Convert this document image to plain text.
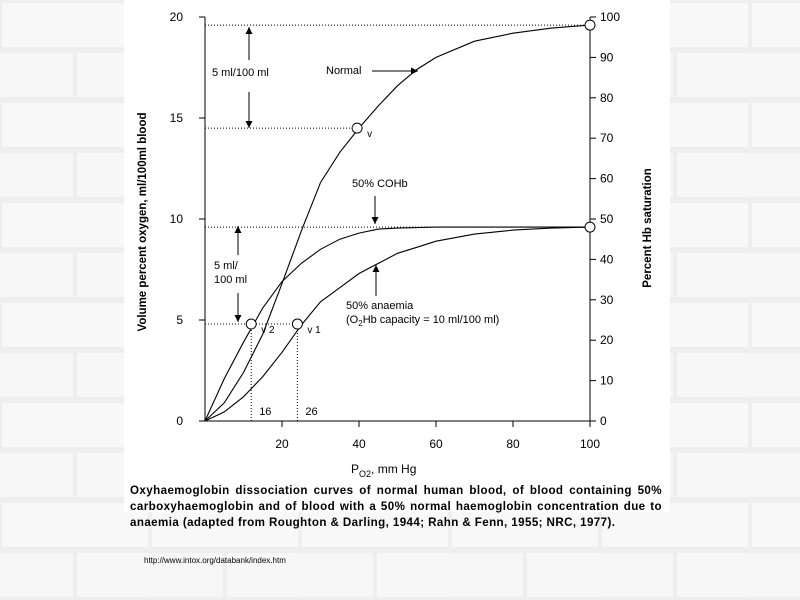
0
5
10
15
20
0
10
20
30
40
50
60
70
80
90
100
20	40	60	80	100
16	26
v
v 2	v 1
$P_{O2}$, mm Hg
Volume percent oxygen, ml/100ml blood	Percent Hb saturation
Normal
50% COHb
50% anaemia
($O_2Hb$ capacity = 10 ml/100 ml)
5 ml/100 ml
5 ml/
100 ml

Oxyhaemoglobin dissociation curves of normal human blood, of blood containing 50% carboxyhaemoglobin and of blood with a 50% normal haemoglobin concentration due to anaemia (adapted from Roughton & Darling, 1944; Rahn & Fenn, 1955; NRC, 1977).

http://www.intox.org/databank/index.htm
